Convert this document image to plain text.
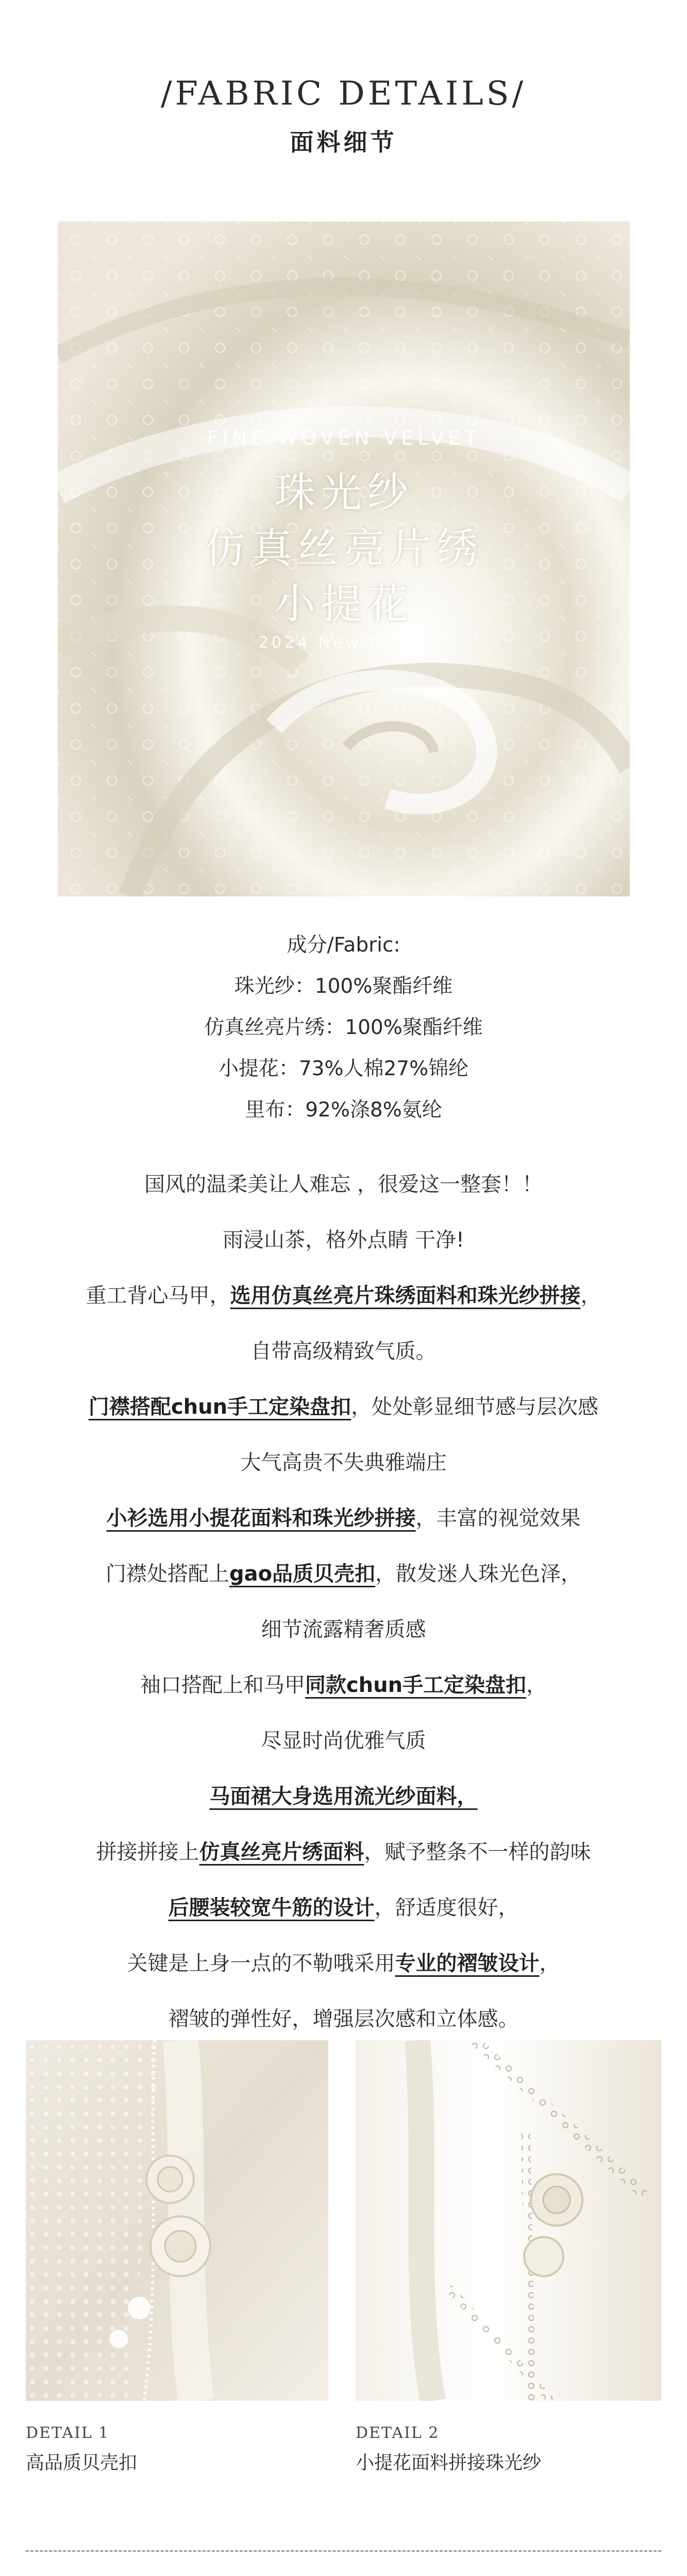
/FABRIC DETAILS/
面料细节
FINE WOVEN VELVET
珠光纱
仿真丝亮片绣
小提花
2024 New Nanik
成分/Fabric:
珠光纱：100%聚酯纤维
仿真丝亮片绣：100%聚酯纤维
小提花：73%人棉27%锦纶
里布：92%涤8%氨纶
国风的温柔美让人难忘 ，很爱这一整套！！
雨浸山茶，格外点睛 干净!
重工背心马甲，选用仿真丝亮片珠绣面料和珠光纱拼接，
自带高级精致气质。
门襟搭配chun手工定染盘扣，处处彰显细节感与层次感
大气高贵不失典雅端庄
小衫选用小提花面料和珠光纱拼接，丰富的视觉效果
门襟处搭配上gao品质贝壳扣，散发迷人珠光色泽，
细节流露精奢质感
袖口搭配上和马甲同款chun手工定染盘扣，
尽显时尚优雅气质
马面裙大身选用流光纱面料，
拼接拼接上仿真丝亮片绣面料，赋予整条不一样的韵味
后腰装较宽牛筋的设计，舒适度很好，
关键是上身一点的不勒哦采用专业的褶皱设计，
褶皱的弹性好，增强层次感和立体感。
DETAIL 1
高品质贝壳扣
DETAIL 2
小提花面料拼接珠光纱
